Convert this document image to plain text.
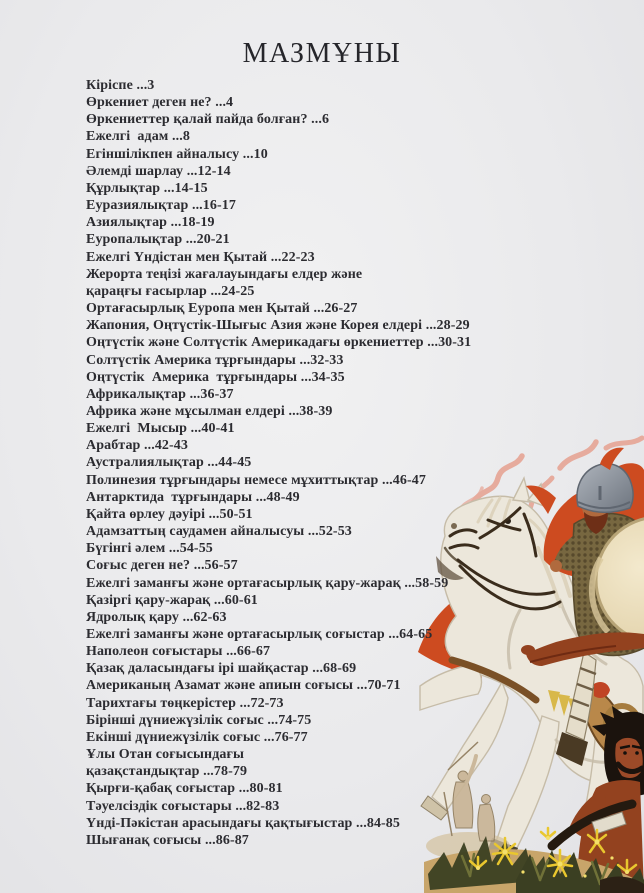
МАЗМҰНЫ
Кіріспе ...3
Өркениет деген не? ...4
Өркениеттер қалай пайда болған? ...6
Ежелгі  адам ...8
Егіншілікпен айналысу ...10
Әлемді шарлау ...12-14
Құрлықтар ...14-15
Еуразиялықтар ...16-17
Азиялықтар ...18-19
Еуропалықтар ...20-21
Ежелгі Үндістан мен Қытай ...22-23
Жерорта теңізі жағалауындағы елдер және
қараңғы ғасырлар ...24-25
Ортағасырлық Еуропа мен Қытай ...26-27
Жапония, Оңтүстік-Шығыс Азия және Корея елдері ...28-29
Оңтүстік және Солтүстік Америкадағы өркениеттер ...30-31
Солтүстік Америка тұрғындары ...32-33
Оңтүстік  Америка  тұрғындары ...34-35
Африкалықтар ...36-37
Африка және мұсылман елдері ...38-39
Ежелгі  Мысыр ...40-41
Арабтар ...42-43
Аустралиялықтар ...44-45
Полинезия тұрғындары немесе мұхиттықтар ...46-47
Антарктида  тұрғындары ...48-49
Қайта өрлеу дәуірі ...50-51
Адамзаттың саудамен айналысуы ...52-53
Бүгінгі әлем ...54-55
Соғыс деген не? ...56-57
Ежелгі заманғы және ортағасырлық қару-жарақ ...58-59
Қазіргі қару-жарақ ...60-61
Ядролық қару ...62-63
Ежелгі заманғы және ортағасырлық соғыстар ...64-65
Наполеон соғыстары ...66-67
Қазақ даласындағы ірі шайқастар ...68-69
Американың Азамат және апиын соғысы ...70-71
Тарихтағы төңкерістер ...72-73
Бірінші дүниежүзілік соғыс ...74-75
Екінші дүниежүзілік соғыс ...76-77
Ұлы Отан соғысындағы
қазақстандықтар ...78-79
Қырғи-қабақ соғыстар ...80-81
Тәуелсіздік соғыстары ...82-83
Үнді-Пәкістан арасындағы қақтығыстар ...84-85
Шығанақ соғысы ...86-87
